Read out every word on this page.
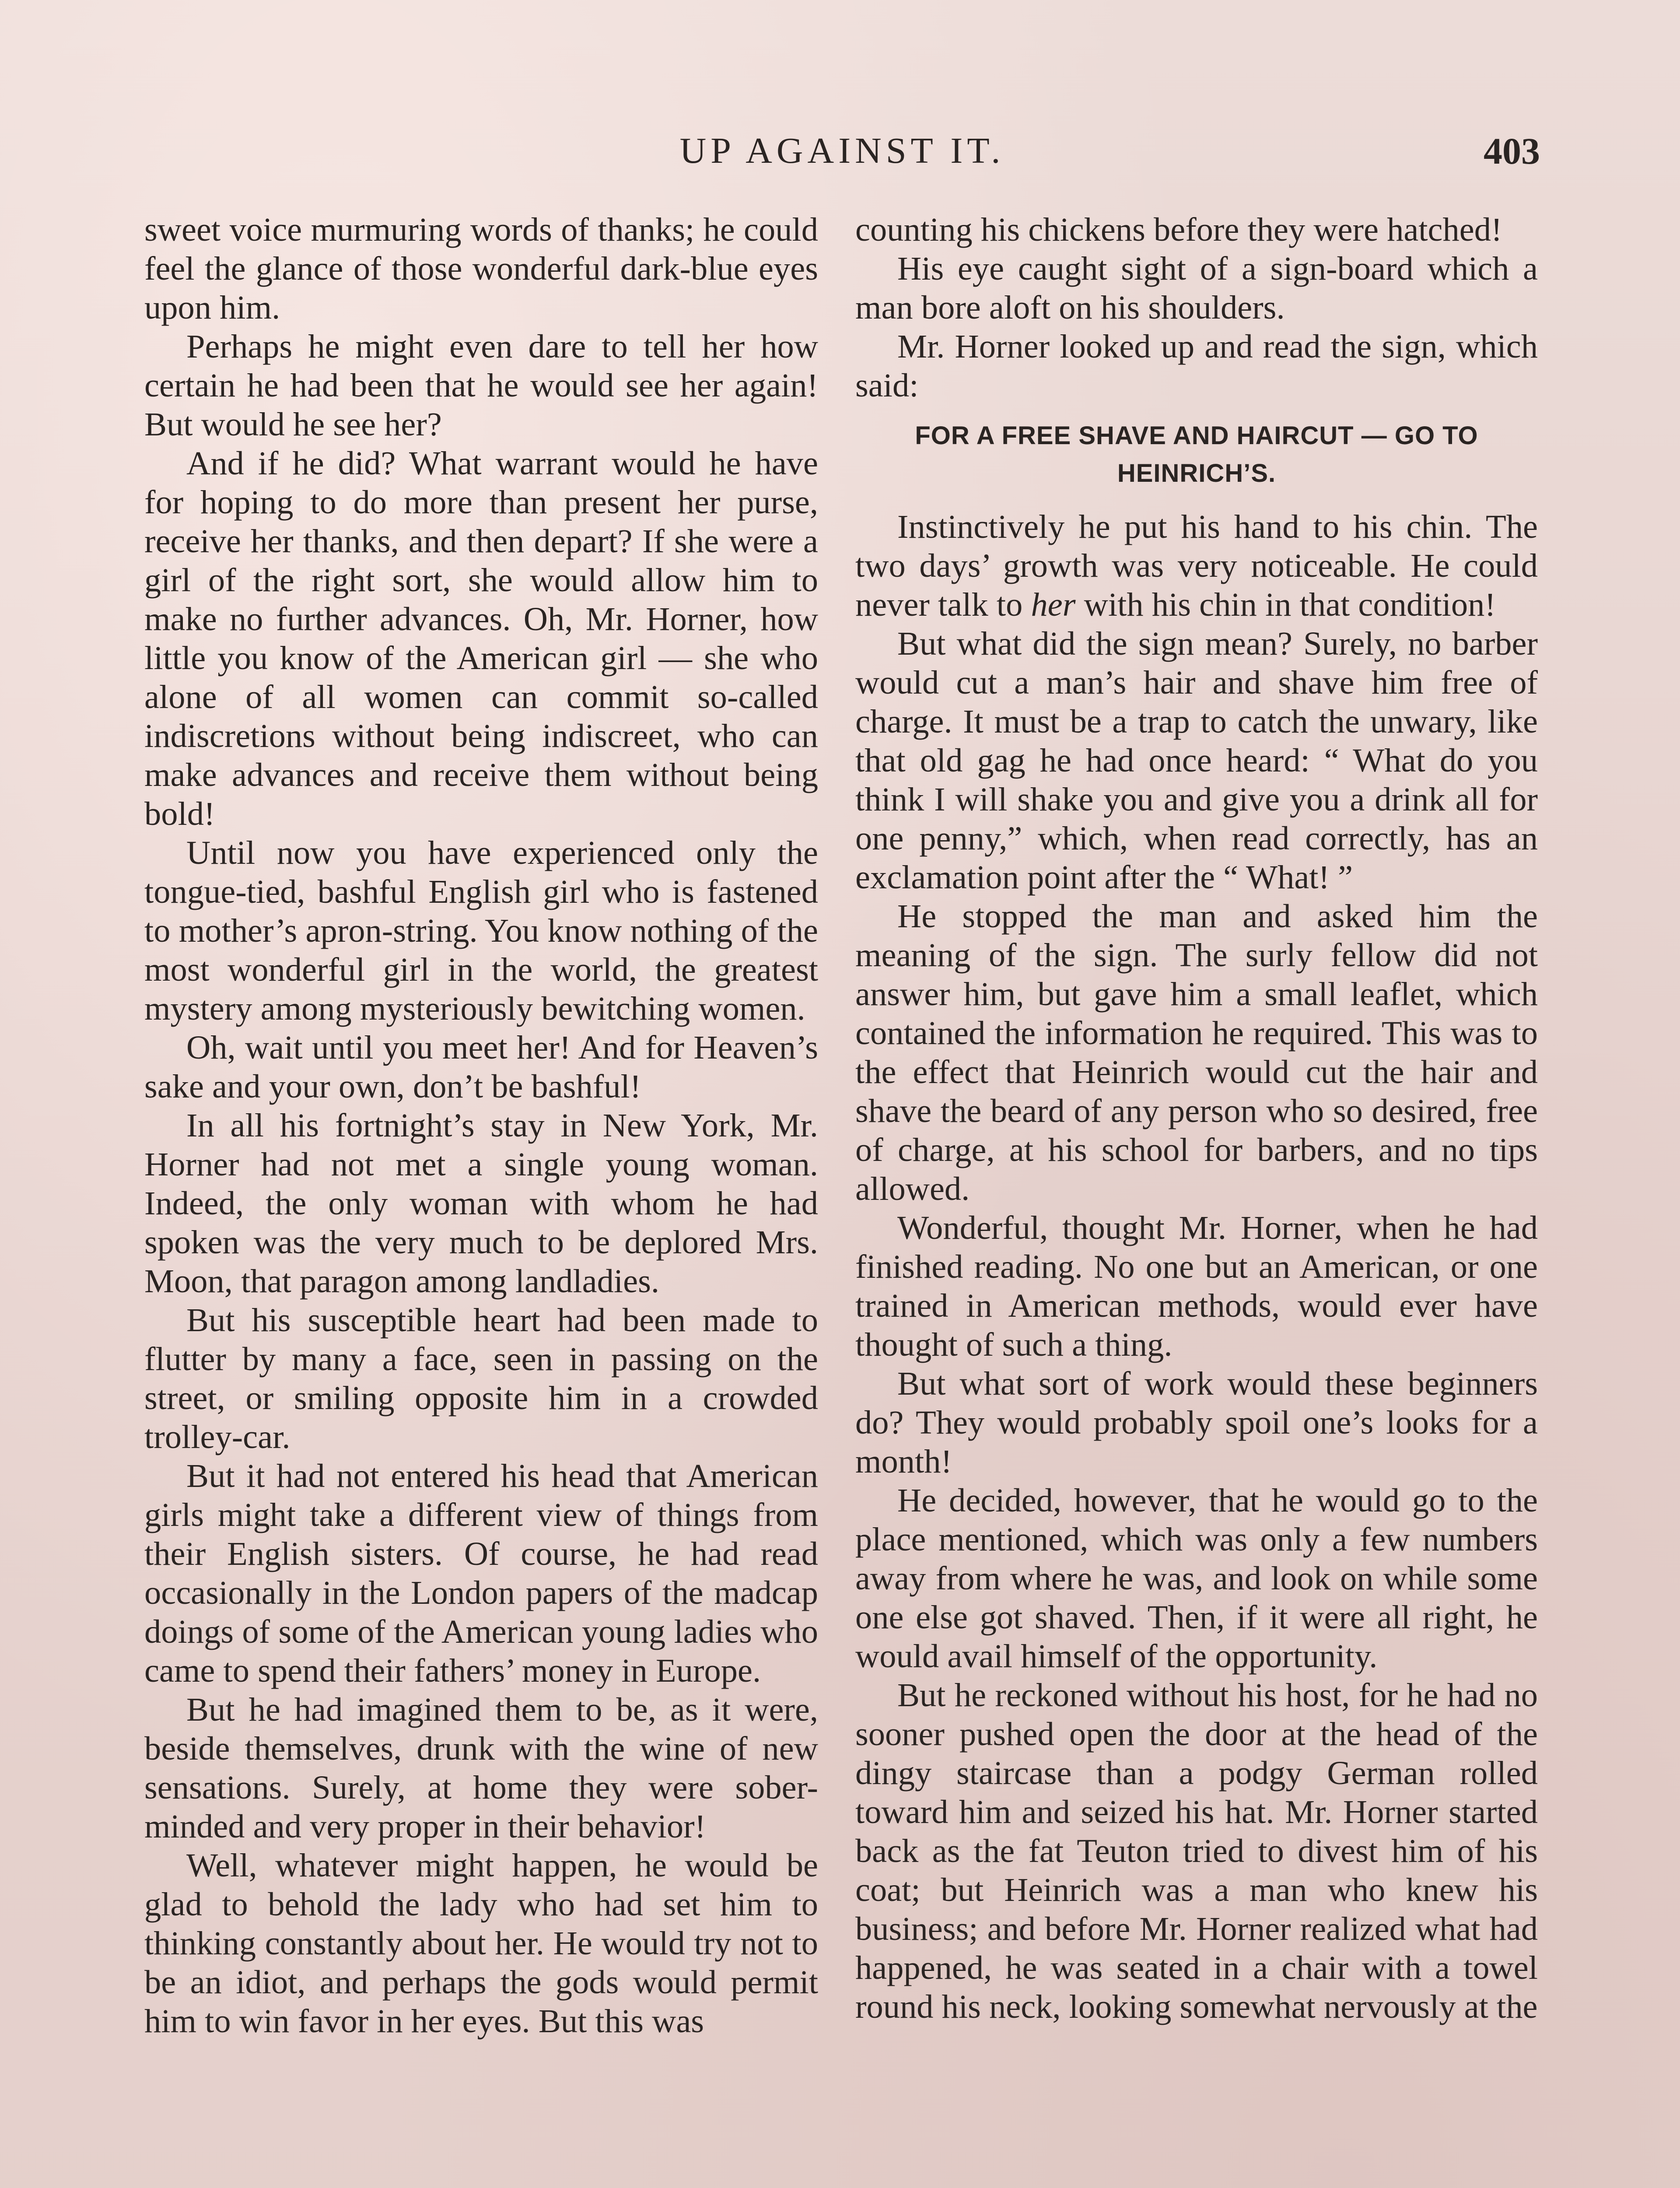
UP AGAINST IT.	403

sweet voice murmuring words of thanks; he could feel the glance of those wonderful dark-blue eyes upon him.

Perhaps he might even dare to tell her how certain he had been that he would see her again! But would he see her?

And if he did? What warrant would he have for hoping to do more than present her purse, receive her thanks, and then depart? If she were a girl of the right sort, she would allow him to make no further advances. Oh, Mr. Horner, how little you know of the American girl — she who alone of all women can commit so-called indiscretions without being indiscreet, who can make advances and receive them without being bold!

Until now you have experienced only the tongue-tied, bashful English girl who is fastened to mother’s apron-string. You know nothing of the most wonderful girl in the world, the greatest mystery among mysteriously bewitching women.

Oh, wait until you meet her! And for Heaven’s sake and your own, don’t be bashful!

In all his fortnight’s stay in New York, Mr. Horner had not met a single young woman. Indeed, the only woman with whom he had spoken was the very much to be deplored Mrs. Moon, that paragon among landladies.

But his susceptible heart had been made to flutter by many a face, seen in passing on the street, or smiling opposite him in a crowded trolley-car.

But it had not entered his head that American girls might take a different view of things from their English sisters. Of course, he had read occasionally in the London papers of the madcap doings of some of the American young ladies who came to spend their fathers’ money in Europe.

But he had imagined them to be, as it were, beside themselves, drunk with the wine of new sensations. Surely, at home they were sober-minded and very proper in their behavior!

Well, whatever might happen, he would be glad to behold the lady who had set him to thinking constantly about her. He would try not to be an idiot, and perhaps the gods would permit him to win favor in her eyes. But this was

counting his chickens before they were hatched!

His eye caught sight of a sign-board which a man bore aloft on his shoulders.

Mr. Horner looked up and read the sign, which said:

FOR A FREE SHAVE AND HAIRCUT — GO TO HEINRICH’S.

Instinctively he put his hand to his chin. The two days’ growth was very noticeable. He could never talk to her with his chin in that condition!

But what did the sign mean? Surely, no barber would cut a man’s hair and shave him free of charge. It must be a trap to catch the unwary, like that old gag he had once heard: “ What do you think I will shake you and give you a drink all for one penny,” which, when read correctly, has an exclamation point after the “ What! ”

He stopped the man and asked him the meaning of the sign. The surly fellow did not answer him, but gave him a small leaflet, which contained the information he required. This was to the effect that Heinrich would cut the hair and shave the beard of any person who so desired, free of charge, at his school for barbers, and no tips allowed.

Wonderful, thought Mr. Horner, when he had finished reading. No one but an American, or one trained in American methods, would ever have thought of such a thing.

But what sort of work would these beginners do? They would probably spoil one’s looks for a month!

He decided, however, that he would go to the place mentioned, which was only a few numbers away from where he was, and look on while some one else got shaved. Then, if it were all right, he would avail himself of the opportunity.

But he reckoned without his host, for he had no sooner pushed open the door at the head of the dingy staircase than a podgy German rolled toward him and seized his hat. Mr. Horner started back as the fat Teuton tried to divest him of his coat; but Heinrich was a man who knew his business; and before Mr. Horner realized what had happened, he was seated in a chair with a towel round his neck, looking somewhat nervously at the
